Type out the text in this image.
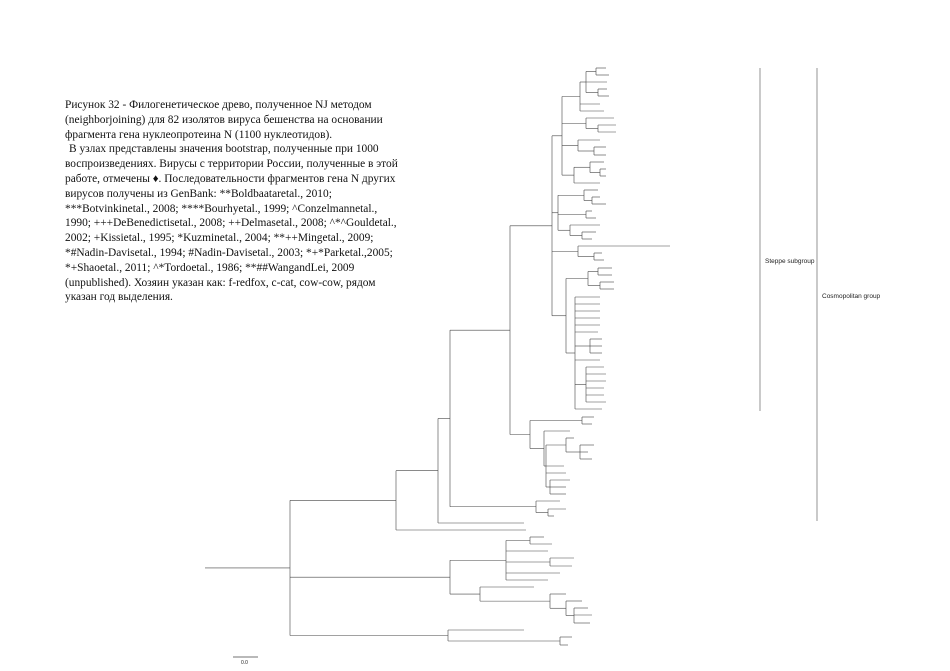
Рисунок 32 - Филогенетическое древо, полученное NJ методом (neighborjoining) для 82 изолятов вируса бешенства на основании фрагмента гена нуклеопротеина N (1100 нуклеотидов).

В узлах представлены значения bootstrap, полученные при 1000 воспроизведениях. Вирусы с территории России, полученные в этой работе, отмечены ♦. Последовательности фрагментов гена N других вирусов получены из GenBank: **Boldbaataretal., 2010; ***Botvinkinetal., 2008; ****Bourhyetal., 1999; ^Conzelmannetal., 1990; +++DeBenedictisetal., 2008; ++Delmasetal., 2008; ^*^Gouldetal., 2002; +Kissietal., 1995; *Kuzminetal., 2004; **++Mingetal., 2009; *#Nadin-Davisetal., 1994; #Nadin-Davisetal., 2003; *+*Parketal.,2005; *+Shaoetal., 2011; ^*Tordoetal., 1986; **##WangandLei, 2009 (unpublished). Хозяин указан как: f-redfox, c-cat, cow-cow, рядом указан год выделения.

Steppe subgroup
Cosmopolitan group
0.0
